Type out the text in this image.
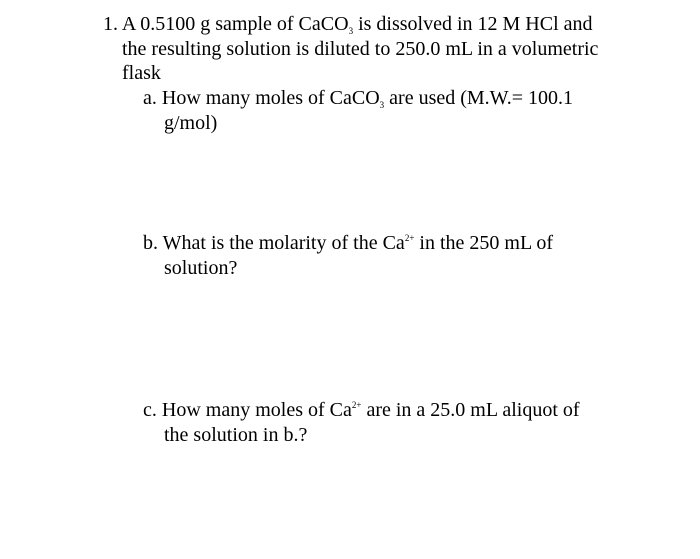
1. A 0.5100 g sample of CaCO$_3$ is dissolved in 12 M HCl and
the resulting solution is diluted to 250.0 mL in a volumetric
flask
a. How many moles of CaCO$_3$ are used (M.W.= 100.1
g/mol)
b. What is the molarity of the $Ca^{2+}$ in the 250 mL of
solution?
c. How many moles of $Ca^{2+}$ are in a 25.0 mL aliquot of
the solution in b.?
